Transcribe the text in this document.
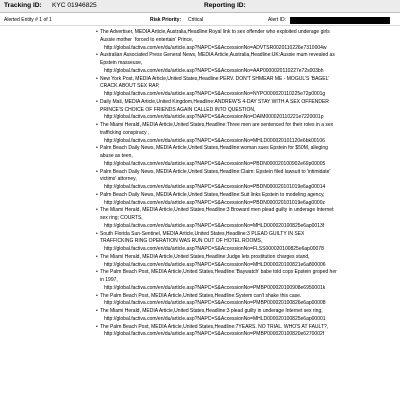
Tracking ID: KYC 01946825	Reporting ID:
Alerted Entity # 1 of 1	Risk Priority: Critical	Alert ID:
• The Advertiser, MEDIA Article,Australia,Headline:Royal link to sex offender who exploited underage girls
Aussie mother `forced to entertain' Prince,
http://global.factiva.com/en/du/article.asp?NAPC=S&AccessionNo=ADVTSR0020110226e7310004w
• Australian Associated Press General News, MEDIA Article,Australia,Headline:UK:Aussie mum revealed as
Epstein masseuse,
http://global.factiva.com/en/du/article.asp?NAPC=S&AccessionNo=AAP0000020110227e72s003bh
• New York Post, MEDIA Article,United States,Headline:PERV. DON'T SHMEAR ME - MOGUL'S 'BAGEL'
CRACK ABOUT SEX RAP,
http://global.factiva.com/en/du/article.asp?NAPC=S&AccessionNo=NYPO000020110225e72p0001g
• Daily Mail, MEDIA Article,United Kingdom,Headline:ANDREW'S 4-DAY STAY WITH A SEX OFFENDER
PRINCE'S CHOICE OF FRIENDS AGAIN CALLED INTO QUESTION,
http://global.factiva.com/en/du/article.asp?NAPC=S&AccessionNo=DAIM000020110221e7220001p
• The Miami Herald, MEDIA Article,United States,Headline:Three men are sentenced for their roles in a sex
trafficking conspiracy ,
http://global.factiva.com/en/du/article.asp?NAPC=S&AccessionNo=MHLD000020101120e6bk00106
• Palm Beach Daily News, MEDIA Article,United States,Headline:woman sues Epstein for $50M, alleging
abuse as teen,
http://global.factiva.com/en/du/article.asp?NAPC=S&AccessionNo=PBDN000020100902e69p00005
• Palm Beach Daily News, MEDIA Article,United States,Headline:Claim: Epstein filed lawsuit to 'intimidate'
victims' attorney,
http://global.factiva.com/en/du/article.asp?NAPC=S&AccessionNo=PBDN000020101019e6ag00014
• Palm Beach Daily News, MEDIA Article,United States,Headline:Suit links Epstein to modeling agency,
http://global.factiva.com/en/du/article.asp?NAPC=S&AccessionNo=PBDN000020101019e6ag0000z
• The Miami Herald, MEDIA Article,United States,Headline:3 Broward men plead guilty in underage Internet
sex ring; COURTS,
http://global.factiva.com/en/du/article.asp?NAPC=S&AccessionNo=MHLD000020100825e6ap0013f
• South Florida Sun-Sentinel, MEDIA Article,United States,Headline:3 PLEAD GUILTY IN SEX
TRAFFICKING RING OPERATION WAS RUN OUT OF HOTEL ROOMS,
http://global.factiva.com/en/du/article.asp?NAPC=S&AccessionNo=FLSS000020100825e6ap00078
• The Miami Herald, MEDIA Article,United States,Headline:Judge lets prostitution charges stand,
http://global.factiva.com/en/du/article.asp?NAPC=S&AccessionNo=MHLD000020100821e6a800006
• The Palm Beach Post, MEDIA Article,United States,Headline:'Baywatch' babe told cops Epstein groped her
in 1997,
http://global.factiva.com/en/du/article.asp?NAPC=S&AccessionNo=PMBP000020100908e6950001k
• The Palm Beach Post, MEDIA Article,United States,Headline:System can't shake this case.
http://global.factiva.com/en/du/article.asp?NAPC=S&AccessionNo=PMBP000020100826e6ap00008
• The Miami Herald, MEDIA Article,United States,Headline:3 plead guilty in underage Internet sex ring,
http://global.factiva.com/en/du/article.asp?NAPC=S&AccessionNo=MHLD000020100825e6ap00001
• The Palm Beach Post, MEDIA Article,United States,Headline:7YEARS. NO TRIAL. WHO'S AT FAULT?,
http://global.factiva.com/en/du/article.asp?NAPC=S&AccessionNo=PMBP000020100820e6270002f
